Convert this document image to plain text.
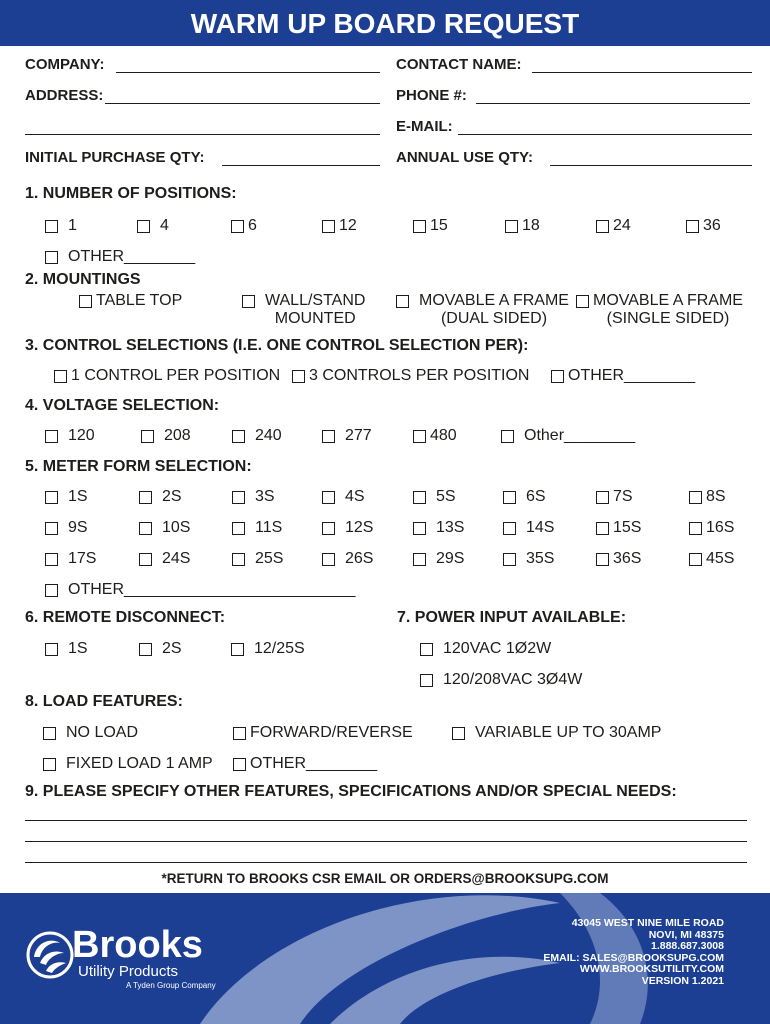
WARM UP BOARD REQUEST
COMPANY:	CONTACT NAME:
ADDRESS:	PHONE #:
E-MAIL:
INITIAL PURCHASE QTY:	ANNUAL USE QTY:
1. NUMBER OF POSITIONS:
1	4	6	12	15	18	24	36
OTHER________
2. MOUNTINGS
TABLE TOP	WALL/STAND
MOUNTED
MOVABLE A FRAME
(DUAL SIDED)
MOVABLE A FRAME
(SINGLE SIDED)
3. CONTROL SELECTIONS (I.E. ONE CONTROL SELECTION PER):
1 CONTROL PER POSITION 3 CONTROLS PER POSITION OTHER________
4. VOLTAGE SELECTION:
120	208	240	277	480	Other________
5. METER FORM SELECTION:
1S	2S	3S	4S	5S	6S	7S	8S
9S	10S	11S	12S	13S	14S	15S	16S
17S	24S	25S	26S	29S	35S	36S	45S
OTHER__________________________
6. REMOTE DISCONNECT:
1S	2S	12/25S
7. POWER INPUT AVAILABLE:
120VAC 1Ø2W
120/208VAC 3Ø4W
8. LOAD FEATURES:
NO LOAD	FORWARD/REVERSE	VARIABLE UP TO 30AMP
FIXED LOAD 1 AMP OTHER________
9. PLEASE SPECIFY OTHER FEATURES, SPECIFICATIONS AND/OR SPECIAL NEEDS:
*RETURN TO BROOKS CSR EMAIL OR ORDERS@BROOKSUPG.COM
Brooks
Utility Products
A Tyden Group Company
43045 WEST NINE MILE ROAD
NOVI, MI 48375
1.888.687.3008
EMAIL: SALES@BROOKSUPG.COM
WWW.BROOKSUTILITY.COM
VERSION 1.2021
